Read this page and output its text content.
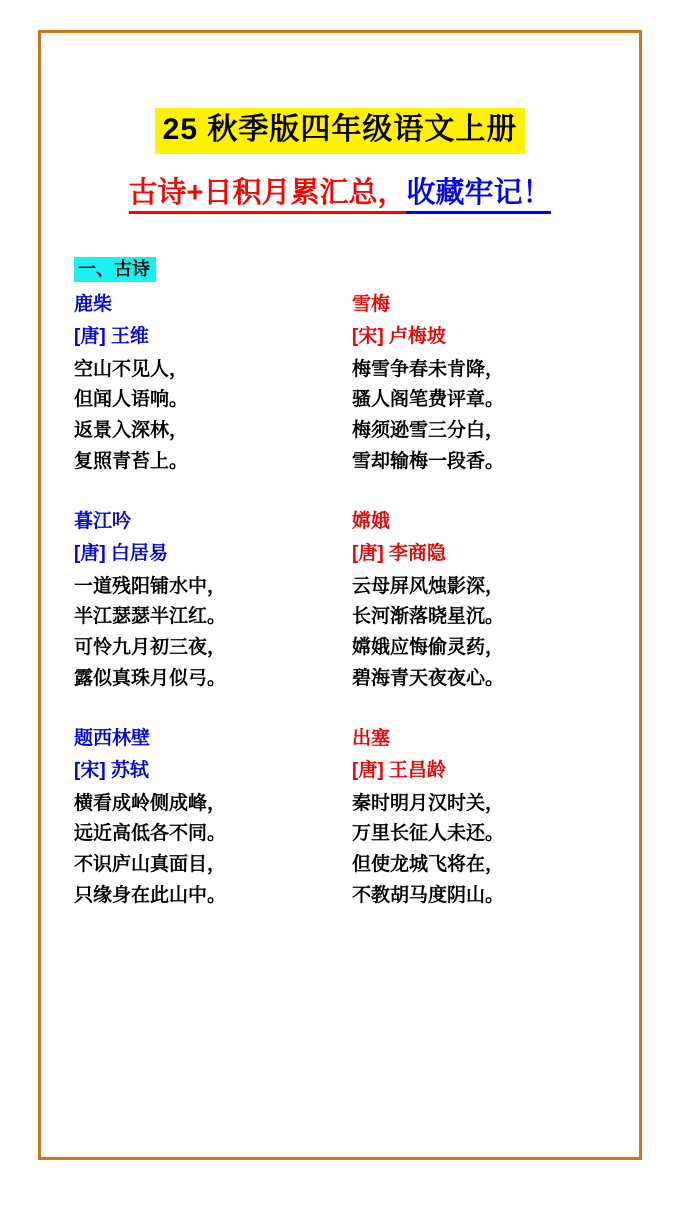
25 秋季版四年级语文上册
古诗+日积月累汇总，收藏牢记！
一、古诗
鹿柴
[唐] 王维
空山不见人，
但闻人语响。
返景入深林，
复照青苔上。
雪梅
[宋] 卢梅坡
梅雪争春未肯降，
骚人阁笔费评章。
梅须逊雪三分白，
雪却输梅一段香。
暮江吟
[唐] 白居易
一道残阳铺水中，
半江瑟瑟半江红。
可怜九月初三夜，
露似真珠月似弓。
嫦娥
[唐] 李商隐
云母屏风烛影深，
长河渐落晓星沉。
嫦娥应悔偷灵药，
碧海青天夜夜心。
题西林壁
[宋] 苏轼
横看成岭侧成峰，
远近高低各不同。
不识庐山真面目，
只缘身在此山中。
出塞
[唐] 王昌龄
秦时明月汉时关，
万里长征人未还。
但使龙城飞将在，
不教胡马度阴山。
